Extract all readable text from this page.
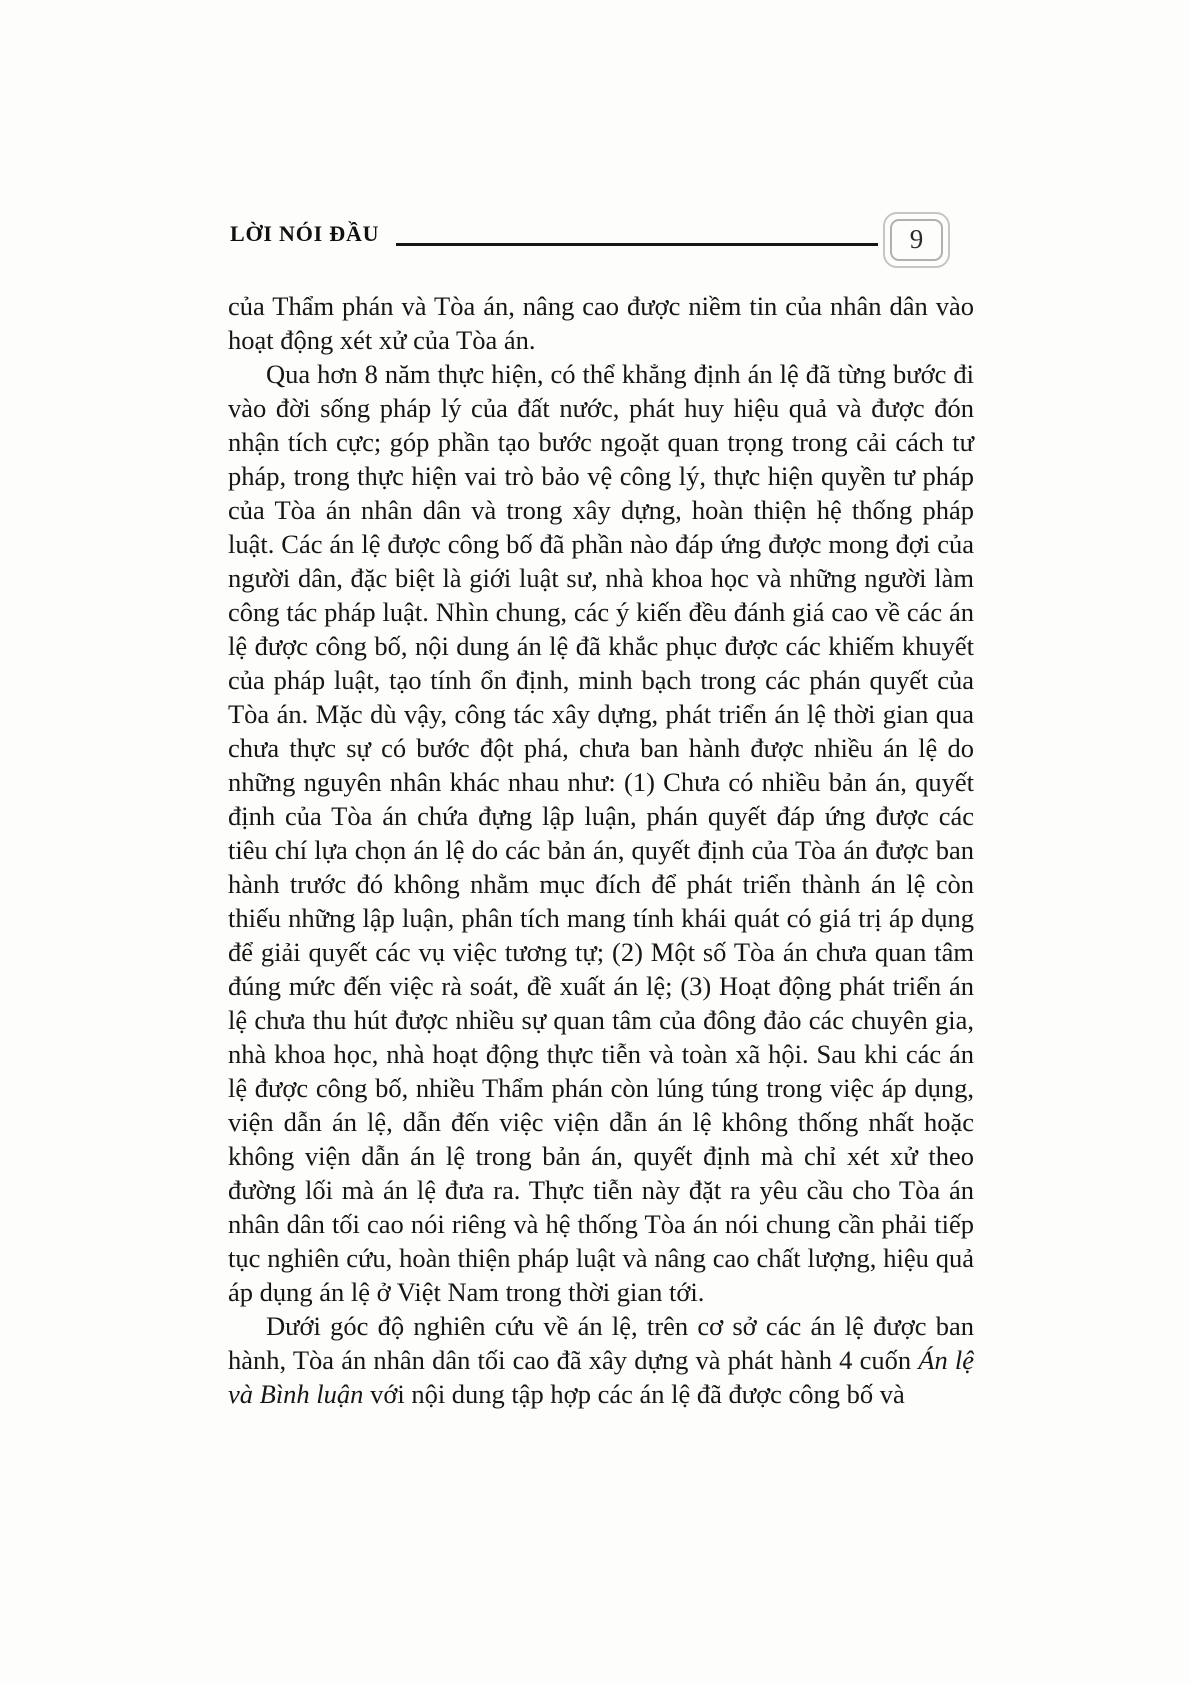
LỜI NÓI ĐẦU	9

của Thẩm phán và Tòa án, nâng cao được niềm tin của nhân dân vào hoạt động xét xử của Tòa án.

Qua hơn 8 năm thực hiện, có thể khẳng định án lệ đã từng bước đi vào đời sống pháp lý của đất nước, phát huy hiệu quả và được đón nhận tích cực; góp phần tạo bước ngoặt quan trọng trong cải cách tư pháp, trong thực hiện vai trò bảo vệ công lý, thực hiện quyền tư pháp của Tòa án nhân dân và trong xây dựng, hoàn thiện hệ thống pháp luật. Các án lệ được công bố đã phần nào đáp ứng được mong đợi của người dân, đặc biệt là giới luật sư, nhà khoa học và những người làm công tác pháp luật. Nhìn chung, các ý kiến đều đánh giá cao về các án lệ được công bố, nội dung án lệ đã khắc phục được các khiếm khuyết của pháp luật, tạo tính ổn định, minh bạch trong các phán quyết của Tòa án. Mặc dù vậy, công tác xây dựng, phát triển án lệ thời gian qua chưa thực sự có bước đột phá, chưa ban hành được nhiều án lệ do những nguyên nhân khác nhau như: (1) Chưa có nhiều bản án, quyết định của Tòa án chứa đựng lập luận, phán quyết đáp ứng được các tiêu chí lựa chọn án lệ do các bản án, quyết định của Tòa án được ban hành trước đó không nhằm mục đích để phát triển thành án lệ còn thiếu những lập luận, phân tích mang tính khái quát có giá trị áp dụng để giải quyết các vụ việc tương tự; (2) Một số Tòa án chưa quan tâm đúng mức đến việc rà soát, đề xuất án lệ; (3) Hoạt động phát triển án lệ chưa thu hút được nhiều sự quan tâm của đông đảo các chuyên gia, nhà khoa học, nhà hoạt động thực tiễn và toàn xã hội. Sau khi các án lệ được công bố, nhiều Thẩm phán còn lúng túng trong việc áp dụng, viện dẫn án lệ, dẫn đến việc viện dẫn án lệ không thống nhất hoặc không viện dẫn án lệ trong bản án, quyết định mà chỉ xét xử theo đường lối mà án lệ đưa ra. Thực tiễn này đặt ra yêu cầu cho Tòa án nhân dân tối cao nói riêng và hệ thống Tòa án nói chung cần phải tiếp tục nghiên cứu, hoàn thiện pháp luật và nâng cao chất lượng, hiệu quả áp dụng án lệ ở Việt Nam trong thời gian tới.

Dưới góc độ nghiên cứu về án lệ, trên cơ sở các án lệ được ban hành, Tòa án nhân dân tối cao đã xây dựng và phát hành 4 cuốn Án lệ và Bình luận với nội dung tập hợp các án lệ đã được công bố và
